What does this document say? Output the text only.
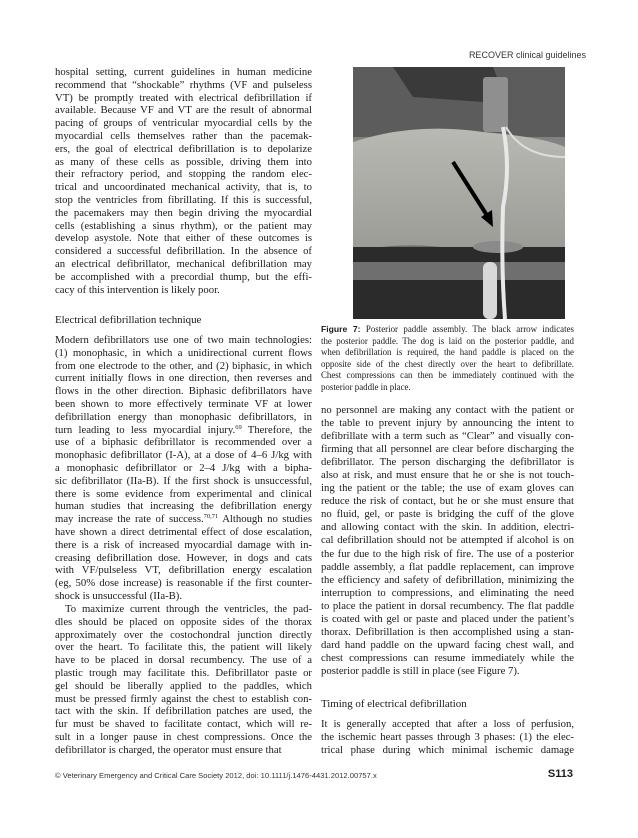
RECOVER clinical guidelines
hospital setting, current guidelines in human medicine
recommend that “shockable” rhythms (VF and pulseless
VT) be promptly treated with electrical defibrillation if
available. Because VF and VT are the result of abnormal
pacing of groups of ventricular myocardial cells by the
myocardial cells themselves rather than the pacemak-
ers, the goal of electrical defibrillation is to depolarize
as many of these cells as possible, driving them into
their refractory period, and stopping the random elec-
trical and uncoordinated mechanical activity, that is, to
stop the ventricles from fibrillating. If this is successful,
the pacemakers may then begin driving the myocardial
cells (establishing a sinus rhythm), or the patient may
develop asystole. Note that either of these outcomes is
considered a successful defibrillation. In the absence of
an electrical defibrillator, mechanical defibrillation may
be accomplished with a precordial thump, but the effi-
cacy of this intervention is likely poor.
Electrical defibrillation technique
Modern defibrillators use one of two main technologies:
(1) monophasic, in which a unidirectional current flows
from one electrode to the other, and (2) biphasic, in which
current initially flows in one direction, then reverses and
flows in the other direction. Biphasic defibrillators have
been shown to more effectively terminate VF at lower
defibrillation energy than monophasic defibrillators, in
turn leading to less myocardial injury.$^{69}$ Therefore, the
use of a biphasic defibrillator is recommended over a
monophasic defibrillator (I-A), at a dose of 4–6 J/kg with
a monophasic defibrillator or 2–4 J/kg with a bipha-
sic defibrillator (IIa-B). If the first shock is unsuccessful,
there is some evidence from experimental and clinical
human studies that increasing the defibrillation energy
may increase the rate of success.$^{70,71}$ Although no studies
have shown a direct detrimental effect of dose escalation,
there is a risk of increased myocardial damage with in-
creasing defibrillation dose. However, in dogs and cats
with VF/pulseless VT, defibrillation energy escalation
(eg, 50% dose increase) is reasonable if the first counter-
shock is unsuccessful (IIa-B).
To maximize current through the ventricles, the pad-
dles should be placed on opposite sides of the thorax
approximately over the costochondral junction directly
over the heart. To facilitate this, the patient will likely
have to be placed in dorsal recumbency. The use of a
plastic trough may facilitate this. Defibrillator paste or
gel should be liberally applied to the paddles, which
must be pressed firmly against the chest to establish con-
tact with the skin. If defibrillation patches are used, the
fur must be shaved to facilitate contact, which will re-
sult in a longer pause in chest compressions. Once the
defibrillator is charged, the operator must ensure that
Figure 7: Posterior paddle assembly. The black arrow indicates
the posterior paddle. The dog is laid on the posterior paddle, and
when defibrillation is required, the hand paddle is placed on the
opposite side of the chest directly over the heart to defibrillate.
Chest compressions can then be immediately continued with the
posterior paddle in place.
no personnel are making any contact with the patient or
the table to prevent injury by announcing the intent to
defibrillate with a term such as “Clear” and visually con-
firming that all personnel are clear before discharging the
defibrillator. The person discharging the defibrillator is
also at risk, and must ensure that he or she is not touch-
ing the patient or the table; the use of exam gloves can
reduce the risk of contact, but he or she must ensure that
no fluid, gel, or paste is bridging the cuff of the glove
and allowing contact with the skin. In addition, electri-
cal defibrillation should not be attempted if alcohol is on
the fur due to the high risk of fire. The use of a posterior
paddle assembly, a flat paddle replacement, can improve
the efficiency and safety of defibrillation, minimizing the
interruption to compressions, and eliminating the need
to place the patient in dorsal recumbency. The flat paddle
is coated with gel or paste and placed under the patient’s
thorax. Defibrillation is then accomplished using a stan-
dard hand paddle on the upward facing chest wall, and
chest compressions can resume immediately while the
posterior paddle is still in place (see Figure 7).
Timing of electrical defibrillation
It is generally accepted that after a loss of perfusion,
the ischemic heart passes through 3 phases: (1) the elec-
trical phase during which minimal ischemic damage
© Veterinary Emergency and Critical Care Society 2012, doi: 10.1111/j.1476-4431.2012.00757.x	S113
